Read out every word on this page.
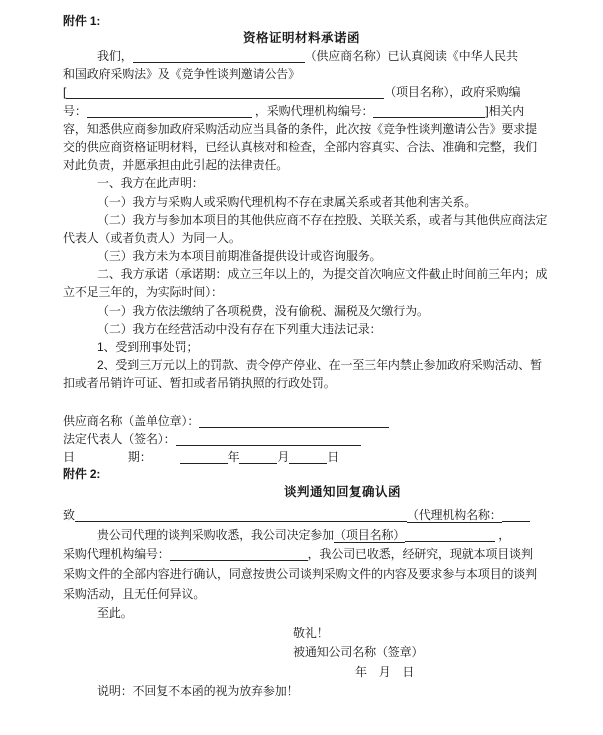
附件 1:
资格证明材料承诺函
我们，	（供应商名称）已认真阅读《中华人民共
和国政府采购法》及《竞争性谈判邀请公告》
[	（项目名称），政府采购编
号：	，采购代理机构编号：	]相关内
容，知悉供应商参加政府采购活动应当具备的条件，此次按《竞争性谈判邀请公告》要求提
交的供应商资格证明材料，已经认真核对和检查，全部内容真实、合法、准确和完整，我们
对此负责，并愿承担由此引起的法律责任。
一、我方在此声明：
（一）我方与采购人或采购代理机构不存在隶属关系或者其他利害关系。
（二）我方与参加本项目的其他供应商不存在控股、关联关系，或者与其他供应商法定
代表人（或者负责人）为同一人。
（三）我方未为本项目前期准备提供设计或咨询服务。
二、我方承诺（承诺期：成立三年以上的，为提交首次响应文件截止时间前三年内；成
立不足三年的，为实际时间）：
（一）我方依法缴纳了各项税费，没有偷税、漏税及欠缴行为。
（二）我方在经营活动中没有存在下列重大违法记录：
1、受到刑事处罚；
2、受到三万元以上的罚款、责令停产停业、在一至三年内禁止参加政府采购活动、暂
扣或者吊销许可证、暂扣或者吊销执照的行政处罚。
供应商名称（盖单位章）：
法定代表人（签名）：
日	期：	年	月	日
附件 2:
谈判通知回复确认函
致	（代理机构名称：
贵公司代理的谈判采购收悉，我公司决定参加（项目名称）	，
采购代理机构编号：	，我公司已收悉，经研究，现就本项目谈判
采购文件的全部内容进行确认，同意按贵公司谈判采购文件的内容及要求参与本项目的谈判
采购活动，且无任何异议。
至此。
敬礼！
被通知公司名称（签章）
年　月　日
说明：不回复不本函的视为放弃参加！
